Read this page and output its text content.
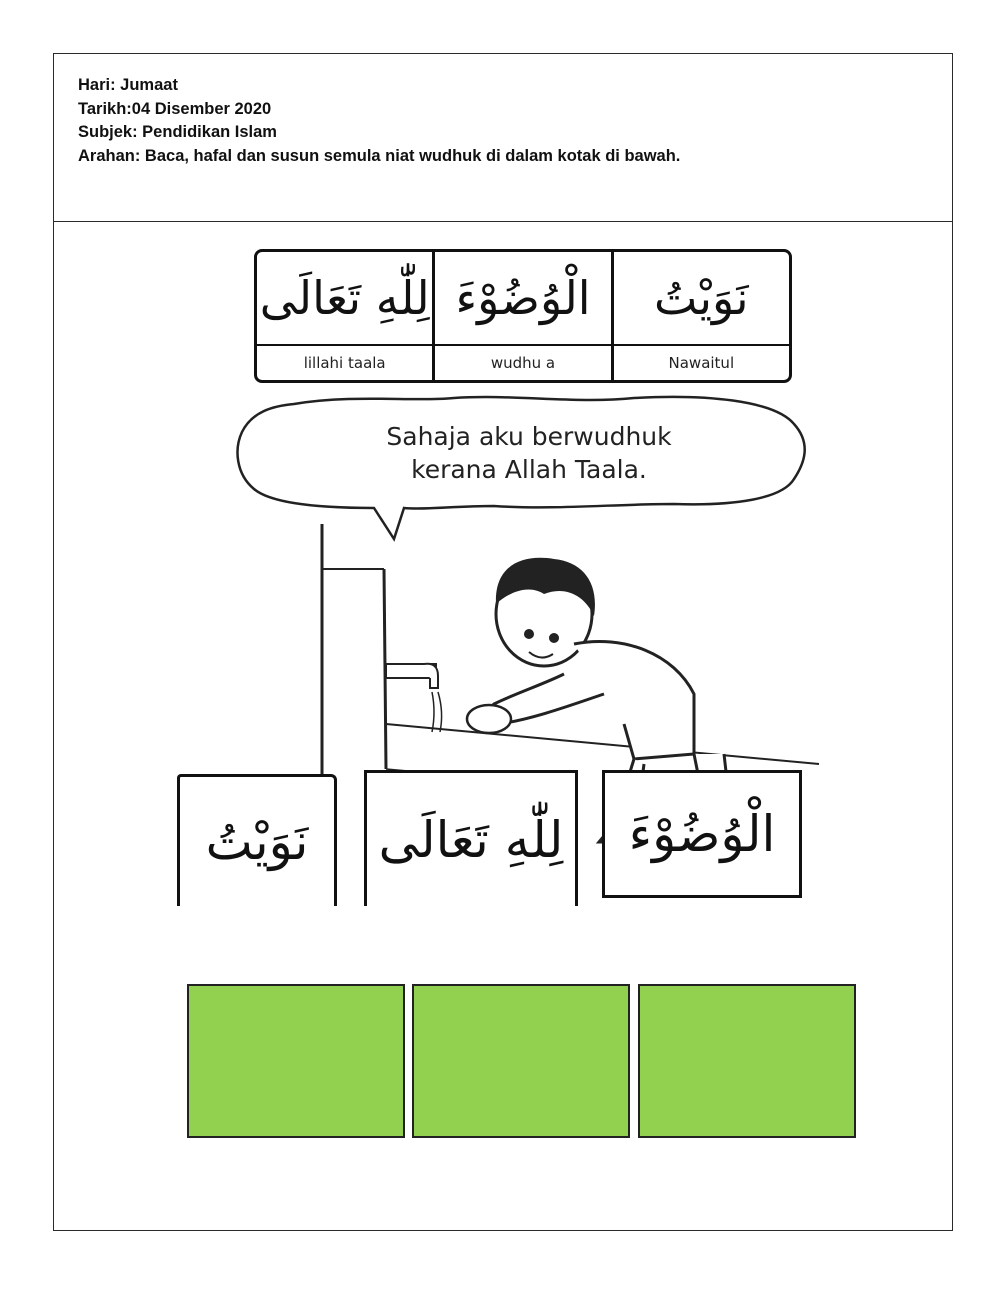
Hari: Jumaat
Tarikh:04 Disember 2020
Subjek: Pendidikan Islam
Arahan: Baca, hafal dan susun semula niat wudhuk di dalam kotak di bawah.
لِلّٰهِ تَعَالَى
lillahi taala
الْوُضُوْءَ
wudhu a
نَوَيْتُ
Nawaitul
Sahaja aku berwudhuk
kerana Allah Taala.
نَوَيْتُ	لِلّٰهِ تَعَالَى	الْوُضُوْءَ
